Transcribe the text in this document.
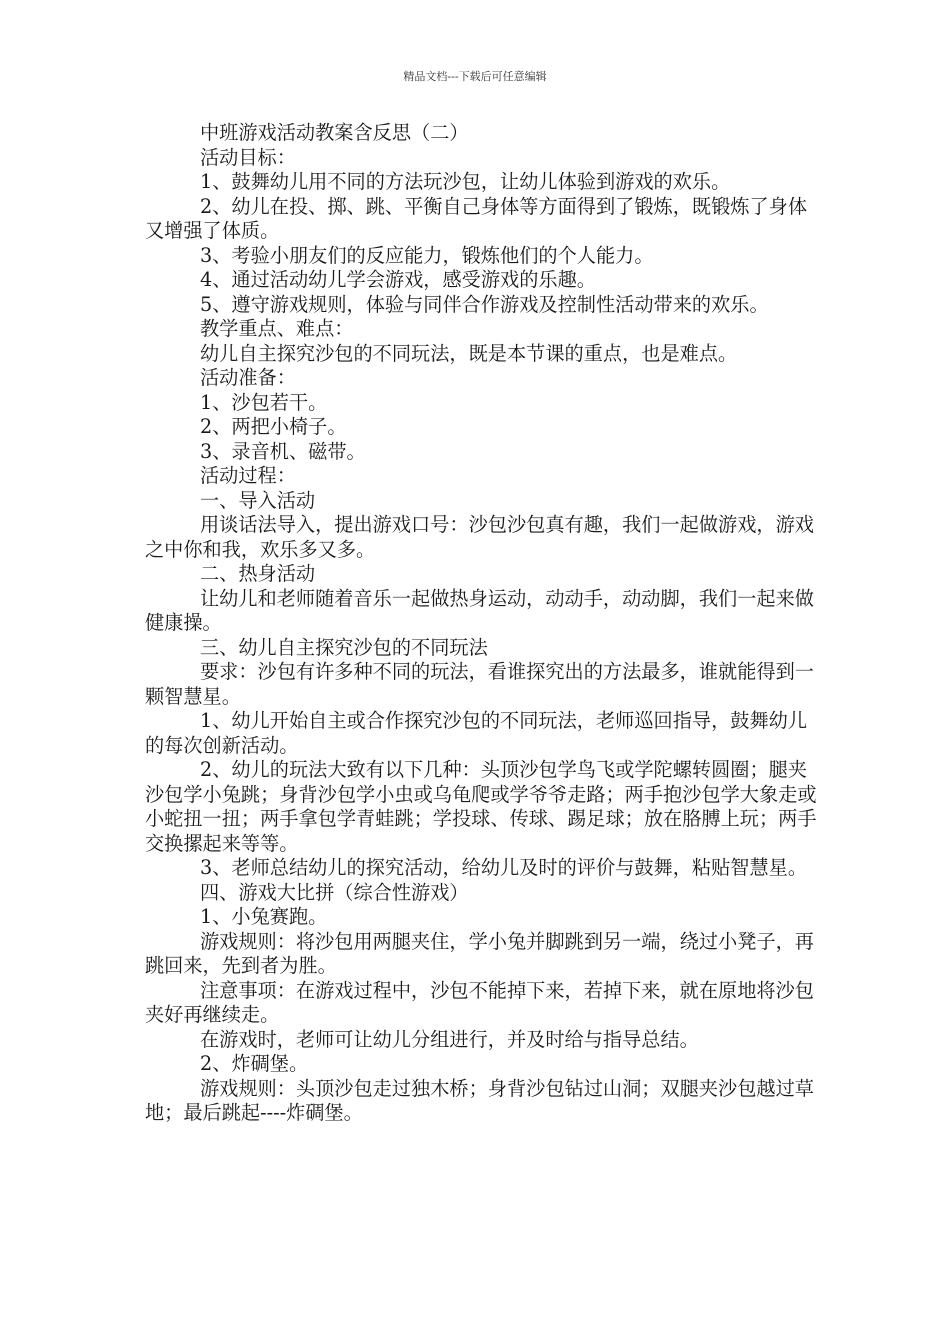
精品文档---下载后可任意编辑

中班游戏活动教案含反思（二）

活动目标：

1、鼓舞幼儿用不同的方法玩沙包，让幼儿体验到游戏的欢乐。

2、幼儿在投、掷、跳、平衡自己身体等方面得到了锻炼，既锻炼了身体又增强了体质。

3、考验小朋友们的反应能力，锻炼他们的个人能力。

4、通过活动幼儿学会游戏，感受游戏的乐趣。

5、遵守游戏规则，体验与同伴合作游戏及控制性活动带来的欢乐。

教学重点、难点：

幼儿自主探究沙包的不同玩法，既是本节课的重点，也是难点。

活动准备：

1、沙包若干。

2、两把小椅子。

3、录音机、磁带。

活动过程：

一、导入活动

用谈话法导入，提出游戏口号：沙包沙包真有趣，我们一起做游戏，游戏之中你和我，欢乐多又多。

二、热身活动

让幼儿和老师随着音乐一起做热身运动，动动手，动动脚，我们一起来做健康操。

三、幼儿自主探究沙包的不同玩法

要求：沙包有许多种不同的玩法，看谁探究出的方法最多，谁就能得到一颗智慧星。

1、幼儿开始自主或合作探究沙包的不同玩法，老师巡回指导，鼓舞幼儿的每次创新活动。

2、幼儿的玩法大致有以下几种：头顶沙包学鸟飞或学陀螺转圆圈；腿夹沙包学小兔跳；身背沙包学小虫或乌龟爬或学爷爷走路；两手抱沙包学大象走或小蛇扭一扭；两手拿包学青蛙跳；学投球、传球、踢足球；放在胳膊上玩；两手交换摞起来等等。

3、老师总结幼儿的探究活动，给幼儿及时的评价与鼓舞，粘贴智慧星。

四、游戏大比拼（综合性游戏）

1、小兔赛跑。

游戏规则：将沙包用两腿夹住，学小兔并脚跳到另一端，绕过小凳子，再跳回来，先到者为胜。

注意事项：在游戏过程中，沙包不能掉下来，若掉下来，就在原地将沙包夹好再继续走。

在游戏时，老师可让幼儿分组进行，并及时给与指导总结。

2、炸碉堡。

游戏规则：头顶沙包走过独木桥；身背沙包钻过山洞；双腿夹沙包越过草地；最后跳起----炸碉堡。
